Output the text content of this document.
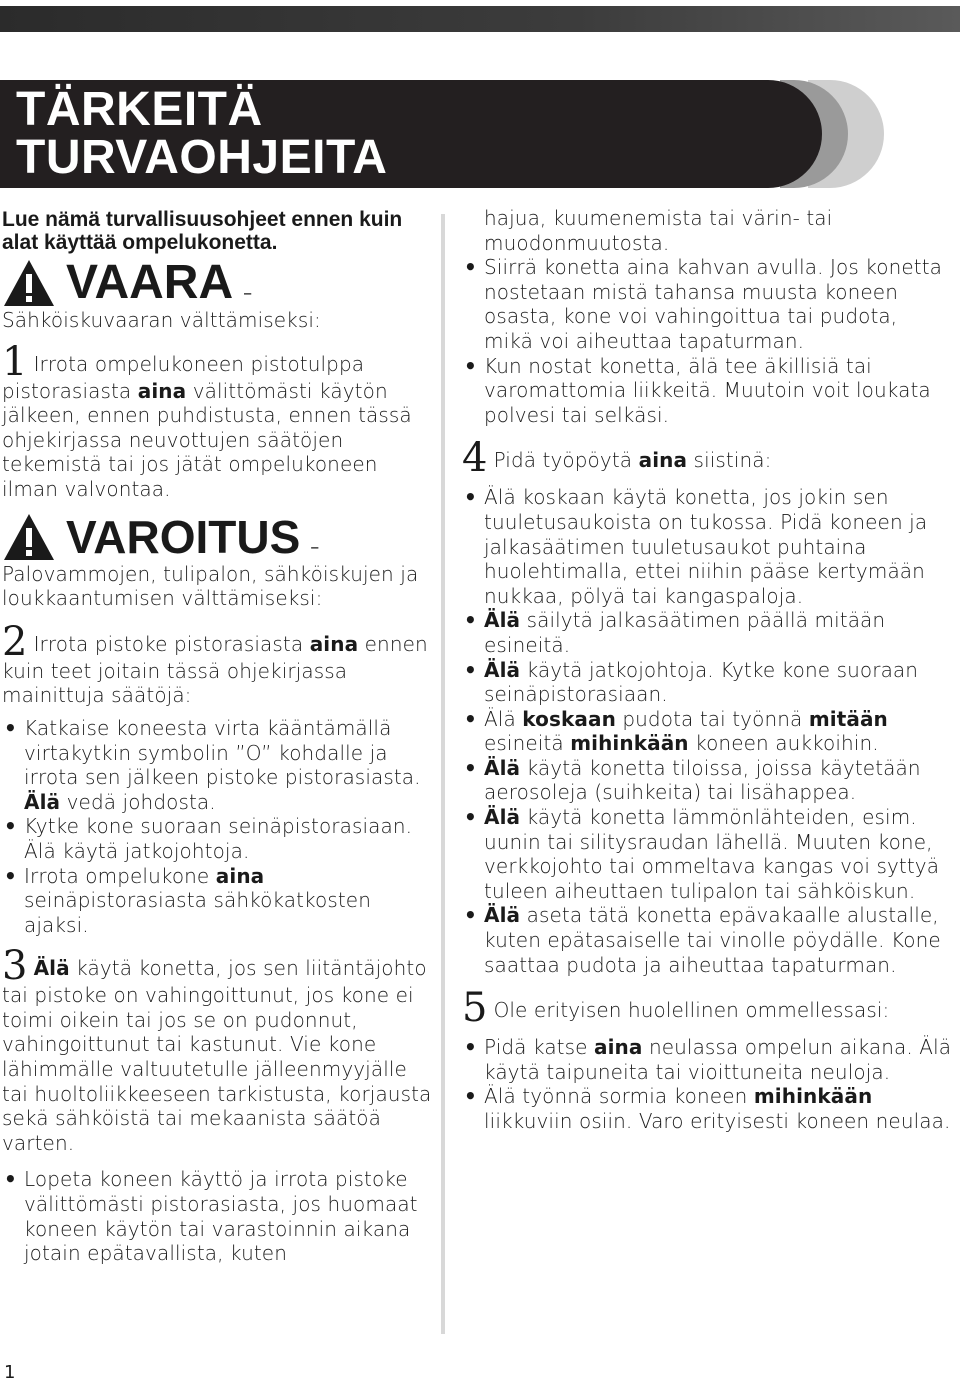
TÄRKEITÄ
TURVAOHJEITA

Lue nämä turvallisuusohjeet ennen kuin alat käyttää ompelukonetta.

VAARA –

Sähköiskuvaaran välttämiseksi:

1 Irrota ompelukoneen pistotulppa pistorasiasta aina välittömästi käytön jälkeen, ennen puhdistusta, ennen tässä ohjekirjassa neuvottujen säätöjen tekemistä tai jos jätät ompelukoneen ilman valvontaa.

VAROITUS –

Palovammojen, tulipalon, sähköiskujen ja loukkaantumisen välttämiseksi:

2 Irrota pistoke pistorasiasta aina ennen kuin teet joitain tässä ohjekirjassa mainittuja säätöjä:

• Katkaise koneesta virta kääntämällä virtakytkin symbolin ”O” kohdalle ja irrota sen jälkeen pistoke pistorasiasta. Älä vedä johdosta.
• Kytke kone suoraan seinäpistorasiaan. Älä käytä jatkojohtoja.
• Irrota ompelukone aina seinäpistorasiasta sähkökatkosten ajaksi.

3 Älä käytä konetta, jos sen liitäntäjohto tai pistoke on vahingoittunut, jos kone ei toimi oikein tai jos se on pudonnut, vahingoittunut tai kastunut. Vie kone lähimmälle valtuutetulle jälleenmyyjälle tai huoltoliikkeeseen tarkistusta, korjausta sekä sähköistä tai mekaanista säätöä varten.

• Lopeta koneen käyttö ja irrota pistoke välittömästi pistorasiasta, jos huomaat koneen käytön tai varastoinnin aikana jotain epätavallista, kuten

hajua, kuumenemista tai värin- tai muodonmuutosta.

• Siirrä konetta aina kahvan avulla. Jos konetta nostetaan mistä tahansa muusta koneen osasta, kone voi vahingoittua tai pudota, mikä voi aiheuttaa tapaturman.
• Kun nostat konetta, älä tee äkillisiä tai varomattomia liikkeitä. Muutoin voit loukata polvesi tai selkäsi.

4 Pidä työpöytä aina siistinä:

• Älä koskaan käytä konetta, jos jokin sen tuuletusaukoista on tukossa. Pidä koneen ja jalkasäätimen tuuletusaukot puhtaina huolehtimalla, ettei niihin pääse kertymään nukkaa, pölyä tai kangaspaloja.
• Älä säilytä jalkasäätimen päällä mitään esineitä.
• Älä käytä jatkojohtoja. Kytke kone suoraan seinäpistorasiaan.
• Älä koskaan pudota tai työnnä mitään esineitä mihinkään koneen aukkoihin.
• Älä käytä konetta tiloissa, joissa käytetään aerosoleja (suihkeita) tai lisähappea.
• Älä käytä konetta lämmönlähteiden, esim. uunin tai silitysraudan lähellä. Muuten kone, verkkojohto tai ommeltava kangas voi syttyä tuleen aiheuttaen tulipalon tai sähköiskun.
• Älä aseta tätä konetta epävakaalle alustalle, kuten epätasaiselle tai vinolle pöydälle. Kone saattaa pudota ja aiheuttaa tapaturman.

5 Ole erityisen huolellinen ommellessasi:

• Pidä katse aina neulassa ompelun aikana. Älä käytä taipuneita tai vioittuneita neuloja.
• Älä työnnä sormia koneen mihinkään liikkuviin osiin. Varo erityisesti koneen neulaa.
1
